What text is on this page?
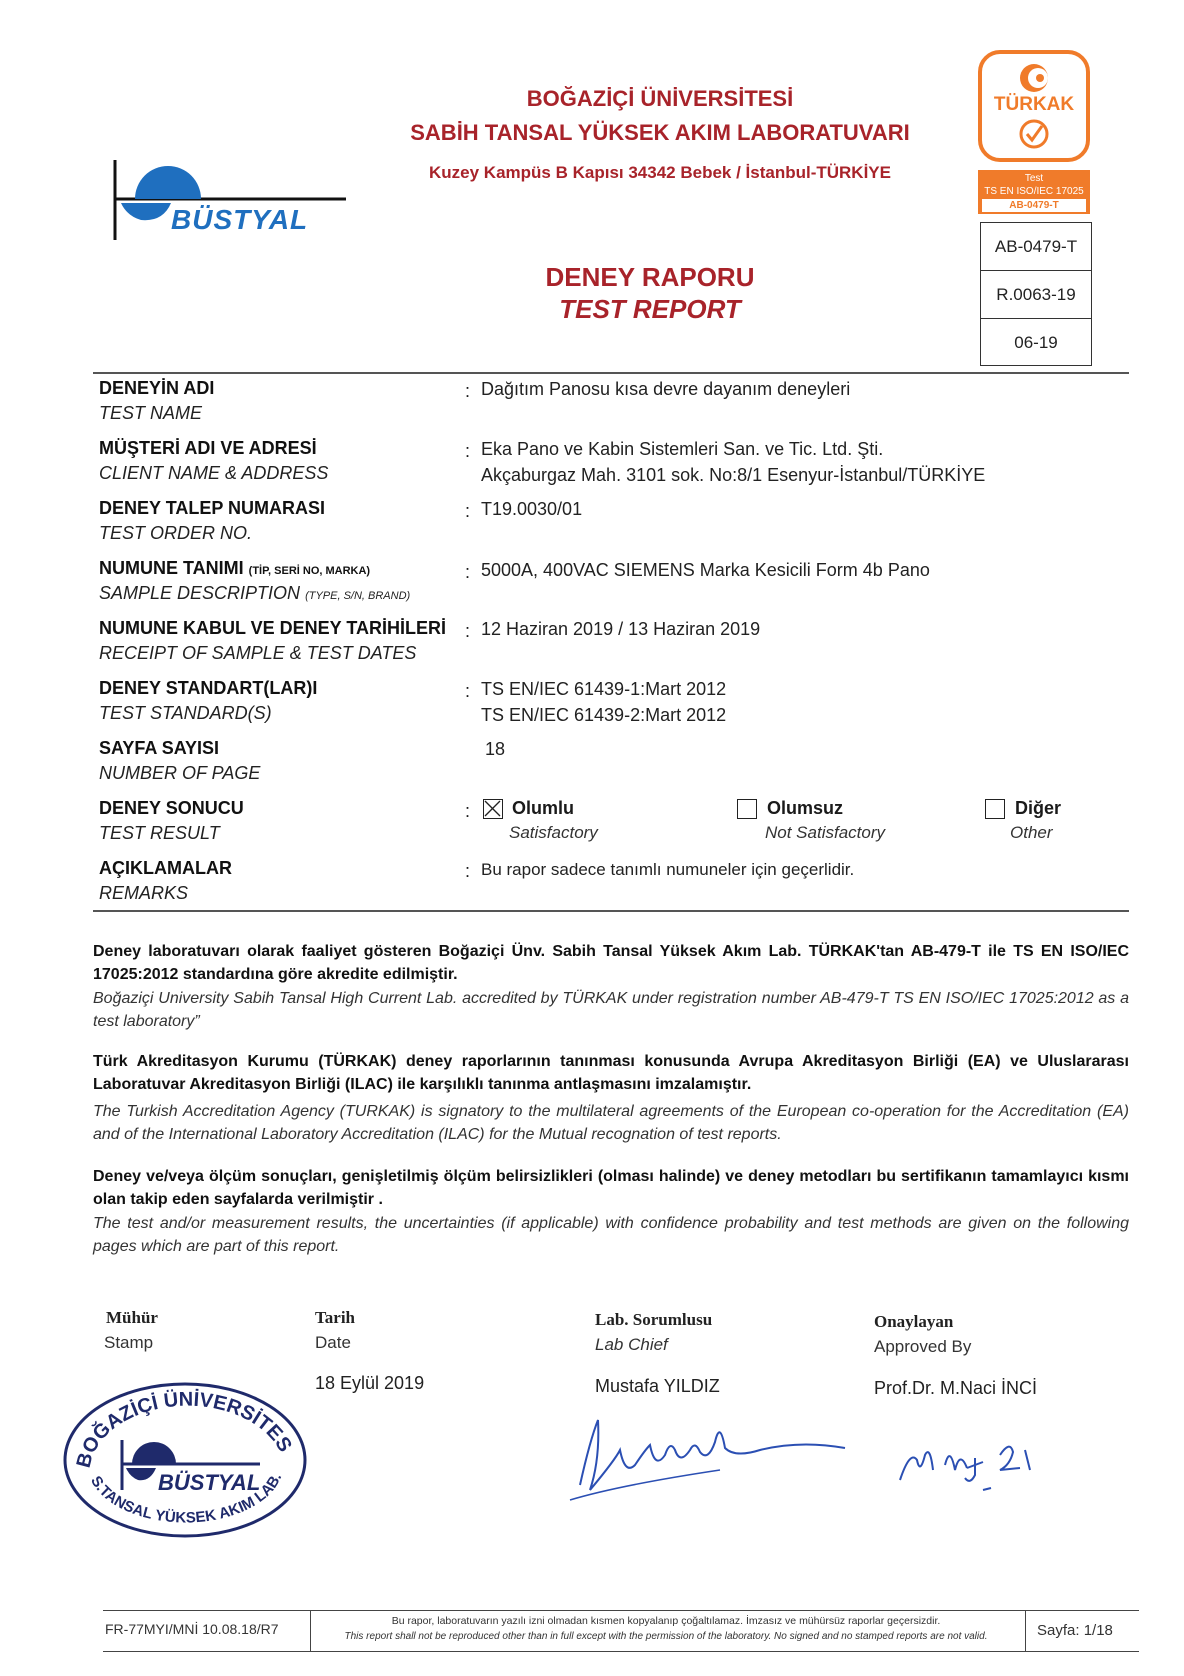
BOĞAZİÇİ ÜNİVERSİTESİ
SABİH TANSAL YÜKSEK AKIM LABORATUVARI
Kuzey Kampüs B Kapısı 34342 Bebek / İstanbul-TÜRKİYE
BÜSTYAL
TÜRKAK
Test
TS EN ISO/IEC 17025
AB-0479-T
AB-0479-T
R.0063-19
06-19
DENEY RAPORU
TEST REPORT
DENEYİN ADI
TEST NAME
: Dağıtım Panosu kısa devre dayanım deneyleri
MÜŞTERİ ADI VE ADRESİ
CLIENT NAME & ADDRESS
: Eka Pano ve Kabin Sistemleri San. ve Tic. Ltd. Şti.
Akçaburgaz Mah. 3101 sok. No:8/1 Esenyur-İstanbul/TÜRKİYE
DENEY TALEP NUMARASI
TEST ORDER NO.
: T19.0030/01
NUMUNE TANIMI (TİP, SERİ NO, MARKA)
SAMPLE DESCRIPTION (TYPE, S/N, BRAND)
: 5000A, 400VAC SIEMENS Marka Kesicili Form 4b Pano
NUMUNE KABUL VE DENEY TARİHİLERİ
RECEIPT OF SAMPLE & TEST DATES
: 12 Haziran 2019 / 13 Haziran 2019
DENEY STANDART(LAR)I
TEST STANDARD(S)
: TS EN/IEC 61439-1:Mart 2012
TS EN/IEC 61439-2:Mart 2012
SAYFA SAYISI
NUMBER OF PAGE
18
DENEY SONUCU
TEST RESULT
: Olumlu
Satisfactory
Olumsuz
Not Satisfactory
Diğer
Other
AÇIKLAMALAR
REMARKS
: Bu rapor sadece tanımlı numuneler için geçerlidir.
Deney laboratuvarı olarak faaliyet gösteren Boğaziçi Ünv. Sabih Tansal Yüksek Akım Lab. TÜRKAK'tan AB-479-T ile TS EN ISO/IEC 17025:2012 standardına göre akredite edilmiştir.
Boğaziçi University Sabih Tansal High Current Lab. accredited by TÜRKAK under registration number AB-479-T TS EN ISO/IEC 17025:2012 as a test laboratory”
Türk Akreditasyon Kurumu (TÜRKAK) deney raporlarının tanınması konusunda Avrupa Akreditasyon Birliği (EA) ve Uluslararası Laboratuvar Akreditasyon Birliği (ILAC) ile karşılıklı tanınma antlaşmasını imzalamıştır.
The Turkish Accreditation Agency (TURKAK) is signatory to the multilateral agreements of the European co-operation for the Accreditation (EA) and of the International Laboratory Accreditation (ILAC) for the Mutual recognation of test reports.
Deney ve/veya ölçüm sonuçları, genişletilmiş ölçüm belirsizlikleri (olması halinde) ve deney metodları bu sertifikanın tamamlayıcı kısmı olan takip eden sayfalarda verilmiştir .
The test and/or measurement results, the uncertainties (if applicable) with confidence probability and test methods are given on the following pages which are part of this report.
Mühür
Stamp
Tarih
Date
18 Eylül 2019
Lab. Sorumlusu
Lab Chief
Mustafa YILDIZ
Onaylayan
Approved By
Prof.Dr. M.Naci İNCİ
BOĞAZİÇİ ÜNİVERSİTES
S.TANSAL YÜKSEK AKIM LAB.
BÜSTYAL
FR-77MYI/MNİ 10.08.18/R7	Bu rapor, laboratuvarın yazılı izni olmadan kısmen kopyalanıp çoğaltılamaz. İmzasız ve mühürsüz raporlar geçersizdir.
This report shall not be reproduced other than in full except with the permission of the laboratory. No signed and no stamped reports are not valid.	Sayfa: 1/18
